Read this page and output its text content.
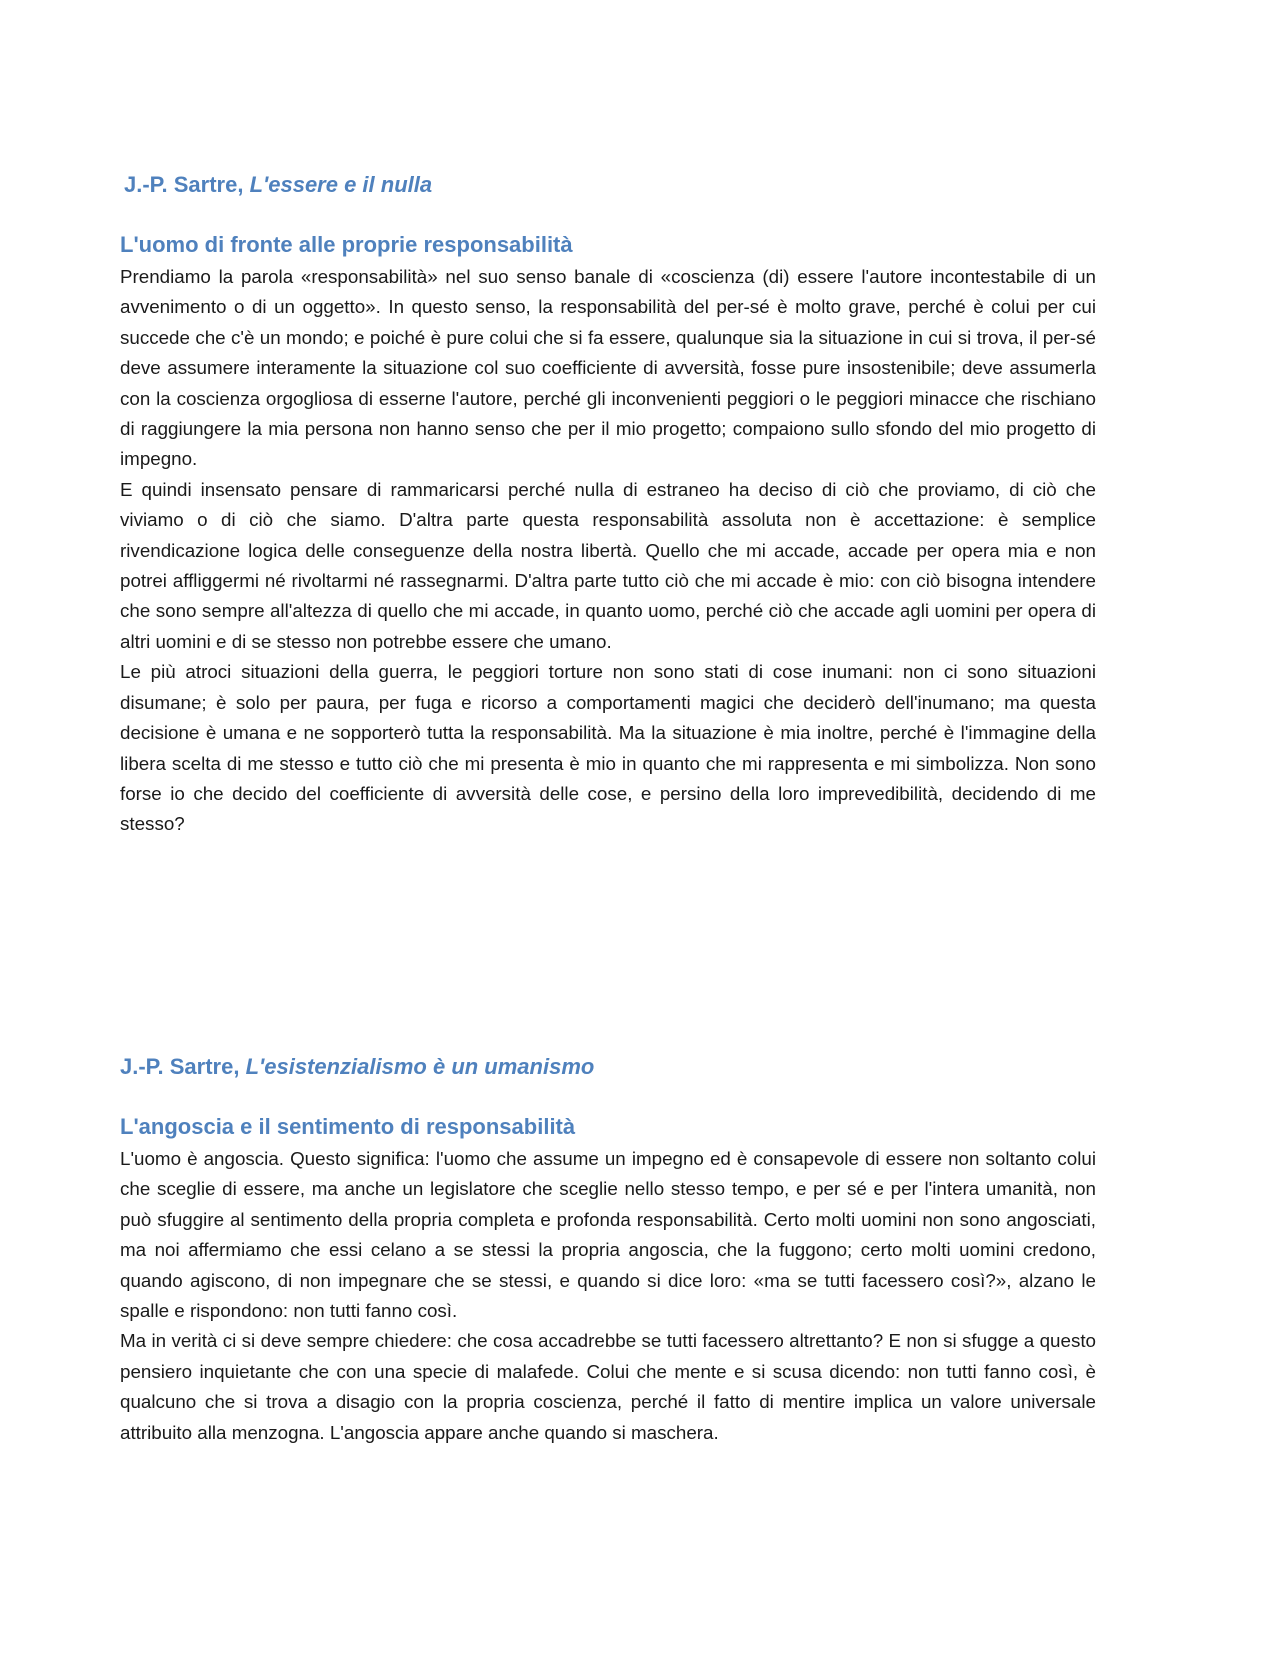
J.-P. Sartre, L'essere e il nulla
L'uomo di fronte alle proprie responsabilità

Prendiamo la parola «responsabilità» nel suo senso banale di «coscienza (di) essere l'autore incontestabile di un avvenimento o di un oggetto». In questo senso, la responsabilità del per-sé è molto grave, perché è colui per cui succede che c'è un mondo; e poiché è pure colui che si fa essere, qualunque sia la situazione in cui si trova, il per-sé deve assumere interamente la situazione col suo coefficiente di avversità, fosse pure insostenibile; deve assumerla con la coscienza orgogliosa di esserne l'autore, perché gli inconvenienti peggiori o le peggiori minacce che rischiano di raggiungere la mia persona non hanno senso che per il mio progetto; compaiono sullo sfondo del mio progetto di impegno.

E quindi insensato pensare di rammaricarsi perché nulla di estraneo ha deciso di ciò che proviamo, di ciò che viviamo o di ciò che siamo. D'altra parte questa responsabilità assoluta non è accettazione: è semplice rivendicazione logica delle conseguenze della nostra libertà. Quello che mi accade, accade per opera mia e non potrei affliggermi né rivoltarmi né rassegnarmi. D'altra parte tutto ciò che mi accade è mio: con ciò bisogna intendere che sono sempre all'altezza di quello che mi accade, in quanto uomo, perché ciò che accade agli uomini per opera di altri uomini e di se stesso non potrebbe essere che umano.

Le più atroci situazioni della guerra, le peggiori torture non sono stati di cose inumani: non ci sono situazioni disumane; è solo per paura, per fuga e ricorso a comportamenti magici che deciderò dell'inumano; ma questa decisione è umana e ne sopporterò tutta la responsabilità. Ma la situazione è mia inoltre, perché è l'immagine della libera scelta di me stesso e tutto ciò che mi presenta è mio in quanto che mi rappresenta e mi simbolizza. Non sono forse io che decido del coefficiente di avversità delle cose, e persino della loro imprevedibilità, decidendo di me stesso?

J.-P. Sartre, L'esistenzialismo è un umanismo
L'angoscia e il sentimento di responsabilità

L'uomo è angoscia. Questo significa: l'uomo che assume un impegno ed è consapevole di essere non soltanto colui che sceglie di essere, ma anche un legislatore che sceglie nello stesso tempo, e per sé e per l'intera umanità, non può sfuggire al sentimento della propria completa e profonda responsabilità. Certo molti uomini non sono angosciati, ma noi affermiamo che essi celano a se stessi la propria angoscia, che la fuggono; certo molti uomini credono, quando agiscono, di non impegnare che se stessi, e quando si dice loro: «ma se tutti facessero così?», alzano le spalle e rispondono: non tutti fanno così.

Ma in verità ci si deve sempre chiedere: che cosa accadrebbe se tutti facessero altrettanto? E non si sfugge a questo pensiero inquietante che con una specie di malafede. Colui che mente e si scusa dicendo: non tutti fanno così, è qualcuno che si trova a disagio con la propria coscienza, perché il fatto di mentire implica un valore universale attribuito alla menzogna. L'angoscia appare anche quando si maschera.
